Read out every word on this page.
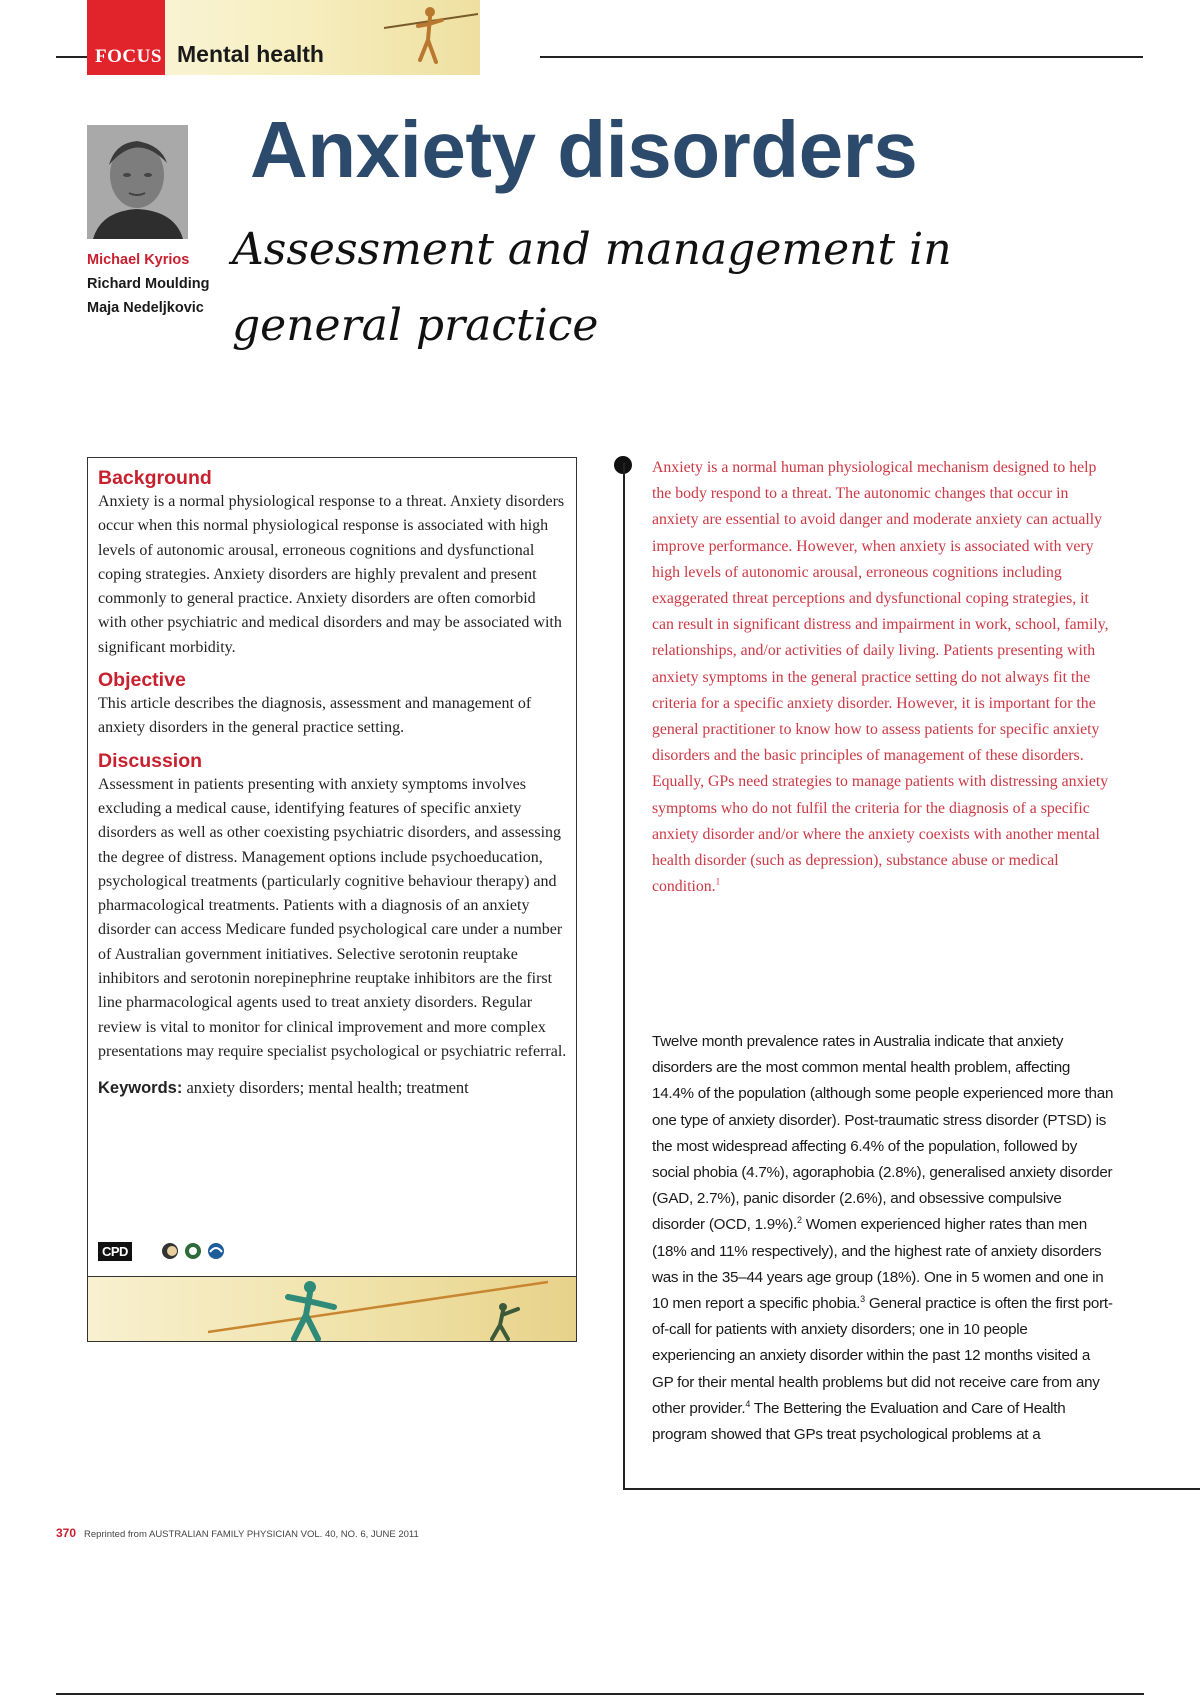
FOCUS Mental health
Michael Kyrios
Richard Moulding
Maja Nedeljkovic
Anxiety disorders

Assessment and management in general practice

Background

Anxiety is a normal physiological response to a threat. Anxiety disorders occur when this normal physiological response is associated with high levels of autonomic arousal, erroneous cognitions and dysfunctional coping strategies. Anxiety disorders are highly prevalent and present commonly to general practice. Anxiety disorders are often comorbid with other psychiatric and medical disorders and may be associated with significant morbidity.

Objective

This article describes the diagnosis, assessment and management of anxiety disorders in the general practice setting.

Discussion

Assessment in patients presenting with anxiety symptoms involves excluding a medical cause, identifying features of specific anxiety disorders as well as other coexisting psychiatric disorders, and assessing the degree of distress. Management options include psychoeducation, psychological treatments (particularly cognitive behaviour therapy) and pharmacological treatments. Patients with a diagnosis of an anxiety disorder can access Medicare funded psychological care under a number of Australian government initiatives. Selective serotonin reuptake inhibitors and serotonin norepinephrine reuptake inhibitors are the first line pharmacological agents used to treat anxiety disorders. Regular review is vital to monitor for clinical improvement and more complex presentations may require specialist psychological or psychiatric referral.

Keywords: anxiety disorders; mental health; treatment

CPD

Anxiety is a normal human physiological mechanism designed to help the body respond to a threat. The autonomic changes that occur in anxiety are essential to avoid danger and moderate anxiety can actually improve performance. However, when anxiety is associated with very high levels of autonomic arousal, erroneous cognitions including exaggerated threat perceptions and dysfunctional coping strategies, it can result in significant distress and impairment in work, school, family, relationships, and/or activities of daily living. Patients presenting with anxiety symptoms in the general practice setting do not always fit the criteria for a specific anxiety disorder. However, it is important for the general practitioner to know how to assess patients for specific anxiety disorders and the basic principles of management of these disorders. Equally, GPs need strategies to manage patients with distressing anxiety symptoms who do not fulfil the criteria for the diagnosis of a specific anxiety disorder and/or where the anxiety coexists with another mental health disorder (such as depression), substance abuse or medical condition.$^1$

Twelve month prevalence rates in Australia indicate that anxiety disorders are the most common mental health problem, affecting 14.4% of the population (although some people experienced more than one type of anxiety disorder). Post-traumatic stress disorder (PTSD) is the most widespread affecting 6.4% of the population, followed by social phobia (4.7%), agoraphobia (2.8%), generalised anxiety disorder (GAD, 2.7%), panic disorder (2.6%), and obsessive compulsive disorder (OCD, 1.9%).$^2$ Women experienced higher rates than men (18% and 11% respectively), and the highest rate of anxiety disorders was in the 35–44 years age group (18%). One in 5 women and one in 10 men report a specific phobia.$^3$ General practice is often the first port-of-call for patients with anxiety disorders; one in 10 people experiencing an anxiety disorder within the past 12 months visited a GP for their mental health problems but did not receive care from any other provider.$^4$ The Bettering the Evaluation and Care of Health program showed that GPs treat psychological problems at a

370 Reprinted from AUSTRALIAN FAMILY PHYSICIAN VOL. 40, NO. 6, JUNE 2011
